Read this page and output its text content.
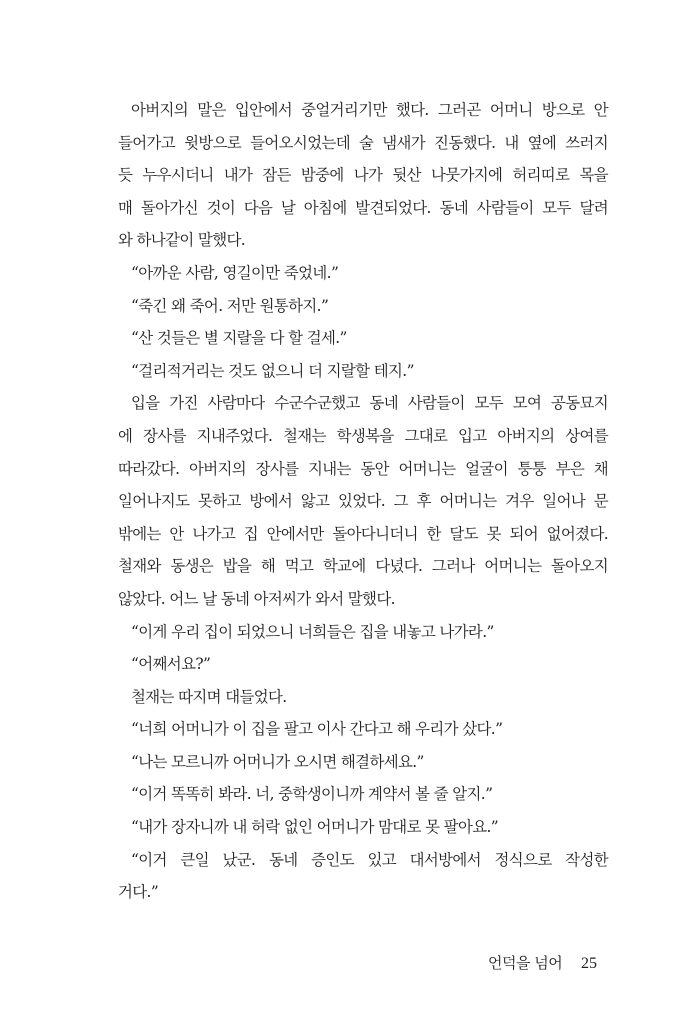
아버지의 말은 입안에서 중얼거리기만 했다. 그러곤 어머니 방으로 안
들어가고 윗방으로 들어오시었는데 술 냄새가 진동했다. 내 옆에 쓰러지
듯 누우시더니 내가 잠든 밤중에 나가 뒷산 나뭇가지에 허리띠로 목을
매 돌아가신 것이 다음 날 아침에 발견되었다. 동네 사람들이 모두 달려
와 하나같이 말했다.
“아까운 사람, 영길이만 죽었네.”
“죽긴 왜 죽어. 저만 원통하지.”
“산 것들은 별 지랄을 다 할 걸세.”
“걸리적거리는 것도 없으니 더 지랄할 테지.”
입을 가진 사람마다 수군수군했고 동네 사람들이 모두 모여 공동묘지
에 장사를 지내주었다. 철재는 학생복을 그대로 입고 아버지의 상여를
따라갔다. 아버지의 장사를 지내는 동안 어머니는 얼굴이 퉁퉁 부은 채
일어나지도 못하고 방에서 앓고 있었다. 그 후 어머니는 겨우 일어나 문
밖에는 안 나가고 집 안에서만 돌아다니더니 한 달도 못 되어 없어졌다.
철재와 동생은 밥을 해 먹고 학교에 다녔다. 그러나 어머니는 돌아오지
않았다. 어느 날 동네 아저씨가 와서 말했다.
“이게 우리 집이 되었으니 너희들은 집을 내놓고 나가라.”
“어째서요?”
철재는 따지며 대들었다.
“너희 어머니가 이 집을 팔고 이사 간다고 해 우리가 샀다.”
“나는 모르니까 어머니가 오시면 해결하세요.”
“이거 똑똑히 봐라. 너, 중학생이니까 계약서 볼 줄 알지.”
“내가 장자니까 내 허락 없인 어머니가 맘대로 못 팔아요.”
“이거 큰일 났군. 동네 증인도 있고 대서방에서 정식으로 작성한
거다.”
언덕을 넘어 25
